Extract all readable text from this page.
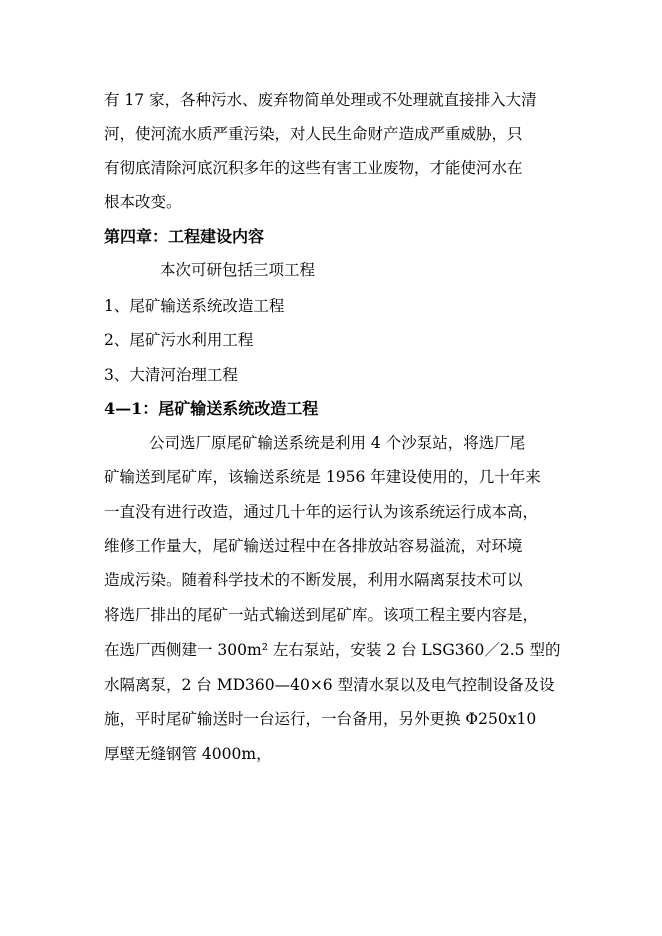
有 17 家，各种污水、废弃物简单处理或不处理就直接排入大清
河，使河流水质严重污染，对人民生命财产造成严重威胁，只
有彻底清除河底沉积多年的这些有害工业废物，才能使河水在
根本改变。
第四章：工程建设内容
本次可研包括三项工程
1、尾矿输送系统改造工程
2、尾矿污水利用工程
3、大清河治理工程
4—1：尾矿输送系统改造工程
公司选厂原尾矿输送系统是利用 4 个沙泵站，将选厂尾
矿输送到尾矿库，该输送系统是 1956 年建设使用的，几十年来
一直没有进行改造，通过几十年的运行认为该系统运行成本高，
维修工作量大，尾矿输送过程中在各排放站容易溢流，对环境
造成污染。随着科学技术的不断发展，利用水隔离泵技术可以
将选厂排出的尾矿一站式输送到尾矿库。该项工程主要内容是，
在选厂西侧建一 300m² 左右泵站，安装 2 台 LSG360／2.5 型的
水隔离泵，2 台 MD360—40×6 型清水泵以及电气控制设备及设
施，平时尾矿输送时一台运行，一台备用，另外更换 Φ250x10
厚壁无缝钢管 4000m，
